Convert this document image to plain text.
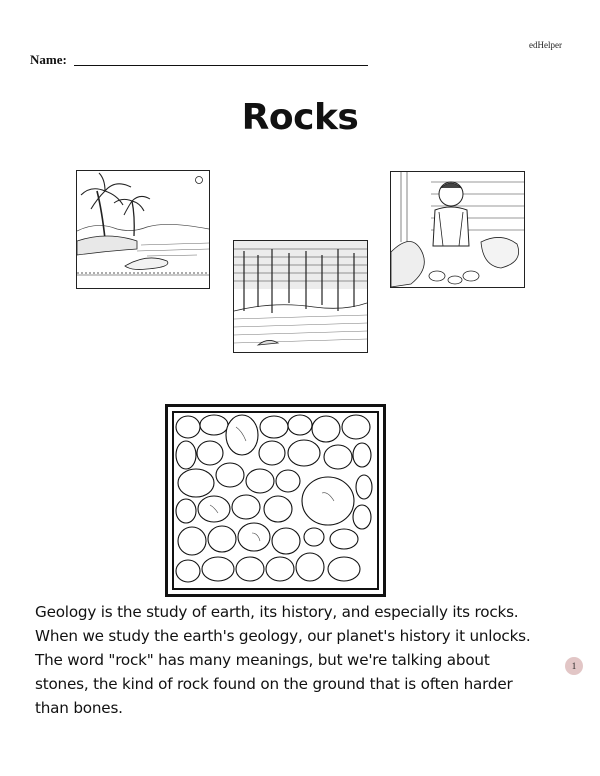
edHelper
Name:
Rocks

Geology is the study of earth, its history, and especially its rocks.

When we study the earth's geology, our planet's history it unlocks.

The word "rock" has many meanings, but we're talking about

stones, the kind of rock found on the ground that is often harder

than bones.

1
